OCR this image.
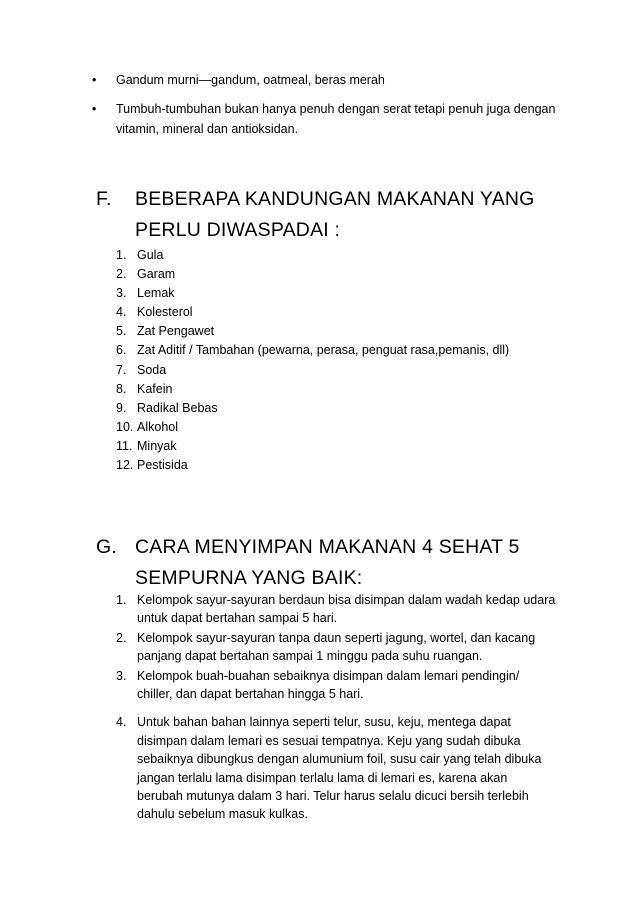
• Gandum murni—gandum, oatmeal, beras merah
• Tumbuh-tumbuhan bukan hanya penuh dengan serat tetapi penuh juga dengan vitamin, mineral dan antioksidan.
F.	BEBERAPA KANDUNGAN MAKANAN YANG PERLU DIWASPADAI :
1. Gula
2. Garam
3. Lemak
4. Kolesterol
5. Zat Pengawet
6. Zat Aditif / Tambahan (pewarna, perasa, penguat rasa,pemanis, dll)
7. Soda
8. Kafein
9. Radikal Bebas
10. Alkohol
11. Minyak
12. Pestisida
G. CARA MENYIMPAN MAKANAN 4 SEHAT 5 SEMPURNA YANG BAIK:
1. Kelompok sayur-sayuran berdaun bisa disimpan dalam wadah kedap udara untuk dapat bertahan sampai 5 hari.
2. Kelompok sayur-sayuran tanpa daun seperti jagung, wortel, dan kacang panjang dapat bertahan sampai 1 minggu pada suhu ruangan.
3. Kelompok buah-buahan sebaiknya disimpan dalam lemari pendingin/ chiller, dan dapat bertahan hingga 5 hari.
4. Untuk bahan bahan lainnya seperti telur, susu, keju, mentega dapat disimpan dalam lemari es sesuai tempatnya. Keju yang sudah dibuka sebaiknya dibungkus dengan alumunium foil, susu cair yang telah dibuka jangan terlalu lama disimpan terlalu lama di lemari es, karena akan berubah mutunya dalam 3 hari. Telur harus selalu dicuci bersih terlebih dahulu sebelum masuk kulkas.
